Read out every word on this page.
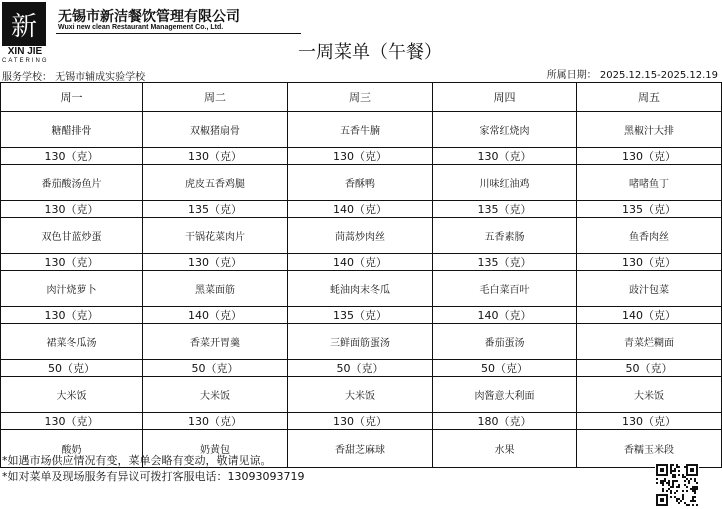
新
XIN JIE
CATERING
无锡市新洁餐饮管理有限公司
Wuxi new clean Restaurant Management Co., Ltd.
一周菜单（午餐）
服务学校： 无锡市辅成实验学校	所属日期： 2025.12.15-2025.12.19
周一	周二	周三	周四	周五
糖醋排骨	双椒猪扇骨	五香牛腩	家常红烧肉	黑椒汁大排
130（克）	130（克）	130（克）	130（克）	130（克）
番茄酸汤鱼片	虎皮五香鸡腿	香酥鸭	川味红油鸡	啫啫鱼丁
130（克）	135（克）	140（克）	135（克）	135（克）
双色甘蓝炒蛋	干锅花菜肉片	茼蒿炒肉丝	五香素肠	鱼香肉丝
130（克）	130（克）	140（克）	135（克）	130（克）
肉汁烧萝卜	黑菜面筋	蚝油肉末冬瓜	毛白菜百叶	豉汁包菜
130（克）	140（克）	135（克）	140（克）	140（克）
裙菜冬瓜汤	香菜开胃羹	三鲜面筋蛋汤	番茄蛋汤	青菜烂糊面
50（克）	50（克）	50（克）	50（克）	50（克）
大米饭	大米饭	大米饭	肉酱意大利面	大米饭
130（克）	130（克）	130（克）	180（克）	130（克）
酸奶	奶黄包	香甜芝麻球	水果	香糯玉米段
*如遇市场供应情况有变，菜单会略有变动，敬请见谅。
*如对菜单及现场服务有异议可拨打客服电话：13093093719
